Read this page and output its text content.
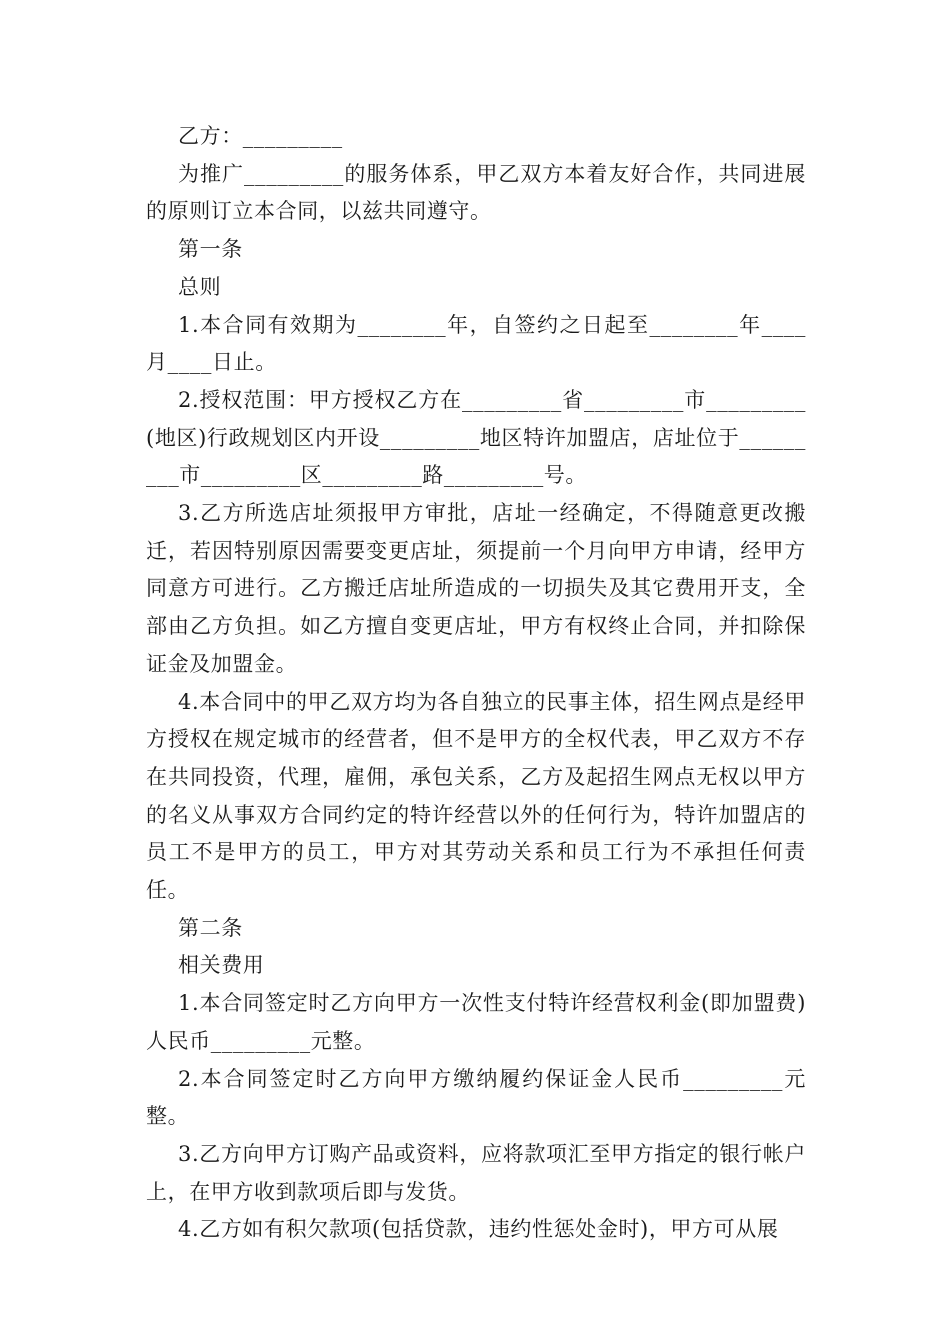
乙方：_________

为推广_________的服务体系，甲乙双方本着友好合作，共同进展的原则订立本合同，以兹共同遵守。

第一条

总则

1.本合同有效期为________年，自签约之日起至________年____月____日止。

2.授权范围：甲方授权乙方在_________省_________市_________(地区)行政规划区内开设_________地区特许加盟店，店址位于_________市_________区_________路_________号。

3.乙方所选店址须报甲方审批，店址一经确定，不得随意更改搬迁，若因特别原因需要变更店址，须提前一个月向甲方申请，经甲方同意方可进行。乙方搬迁店址所造成的一切损失及其它费用开支，全部由乙方负担。如乙方擅自变更店址，甲方有权终止合同，并扣除保证金及加盟金。

4.本合同中的甲乙双方均为各自独立的民事主体，招生网点是经甲方授权在规定城市的经营者，但不是甲方的全权代表，甲乙双方不存在共同投资，代理，雇佣，承包关系，乙方及起招生网点无权以甲方的名义从事双方合同约定的特许经营以外的任何行为，特许加盟店的员工不是甲方的员工，甲方对其劳动关系和员工行为不承担任何责任。

第二条

相关费用

1.本合同签定时乙方向甲方一次性支付特许经营权利金(即加盟费)人民币_________元整。

2.本合同签定时乙方向甲方缴纳履约保证金人民币_________元整。

3.乙方向甲方订购产品或资料，应将款项汇至甲方指定的银行帐户上，在甲方收到款项后即与发货。

4.乙方如有积欠款项(包括贷款，违约性惩处金时)，甲方可从展
